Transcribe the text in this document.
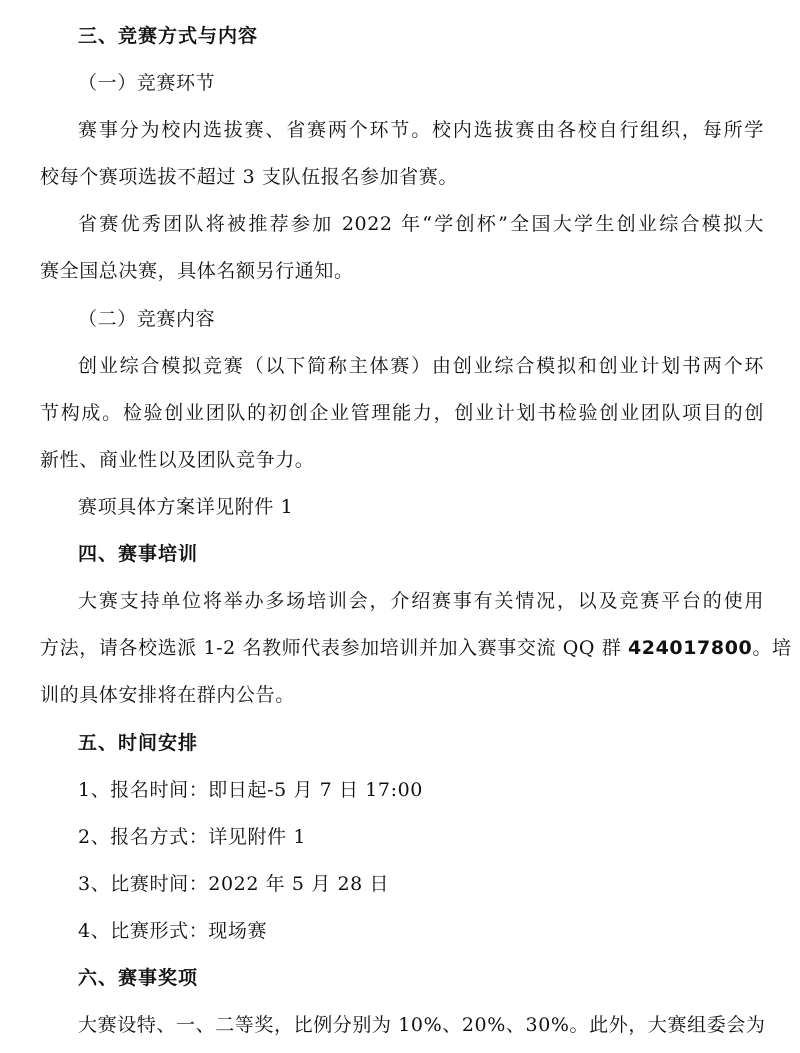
三、竞赛方式与内容
（一）竞赛环节
赛事分为校内选拔赛、省赛两个环节。校内选拔赛由各校自行组织，每所学
校每个赛项选拔不超过 3 支队伍报名参加省赛。
省赛优秀团队将被推荐参加 2022 年“学创杯”全国大学生创业综合模拟大
赛全国总决赛，具体名额另行通知。
（二）竞赛内容
创业综合模拟竞赛（以下简称主体赛）由创业综合模拟和创业计划书两个环
节构成。检验创业团队的初创企业管理能力，创业计划书检验创业团队项目的创
新性、商业性以及团队竞争力。
赛项具体方案详见附件 1
四、赛事培训
大赛支持单位将举办多场培训会，介绍赛事有关情况，以及竞赛平台的使用
方法，请各校选派 1-2 名教师代表参加培训并加入赛事交流 QQ 群 424017800。培
训的具体安排将在群内公告。
五、时间安排
1、报名时间：即日起-5 月 7 日 17:00
2、报名方式：详见附件 1
3、比赛时间：2022 年 5 月 28 日
4、比赛形式：现场赛
六、赛事奖项
大赛设特、一、二等奖，比例分别为 10%、20%、30%。此外，大赛组委会为
